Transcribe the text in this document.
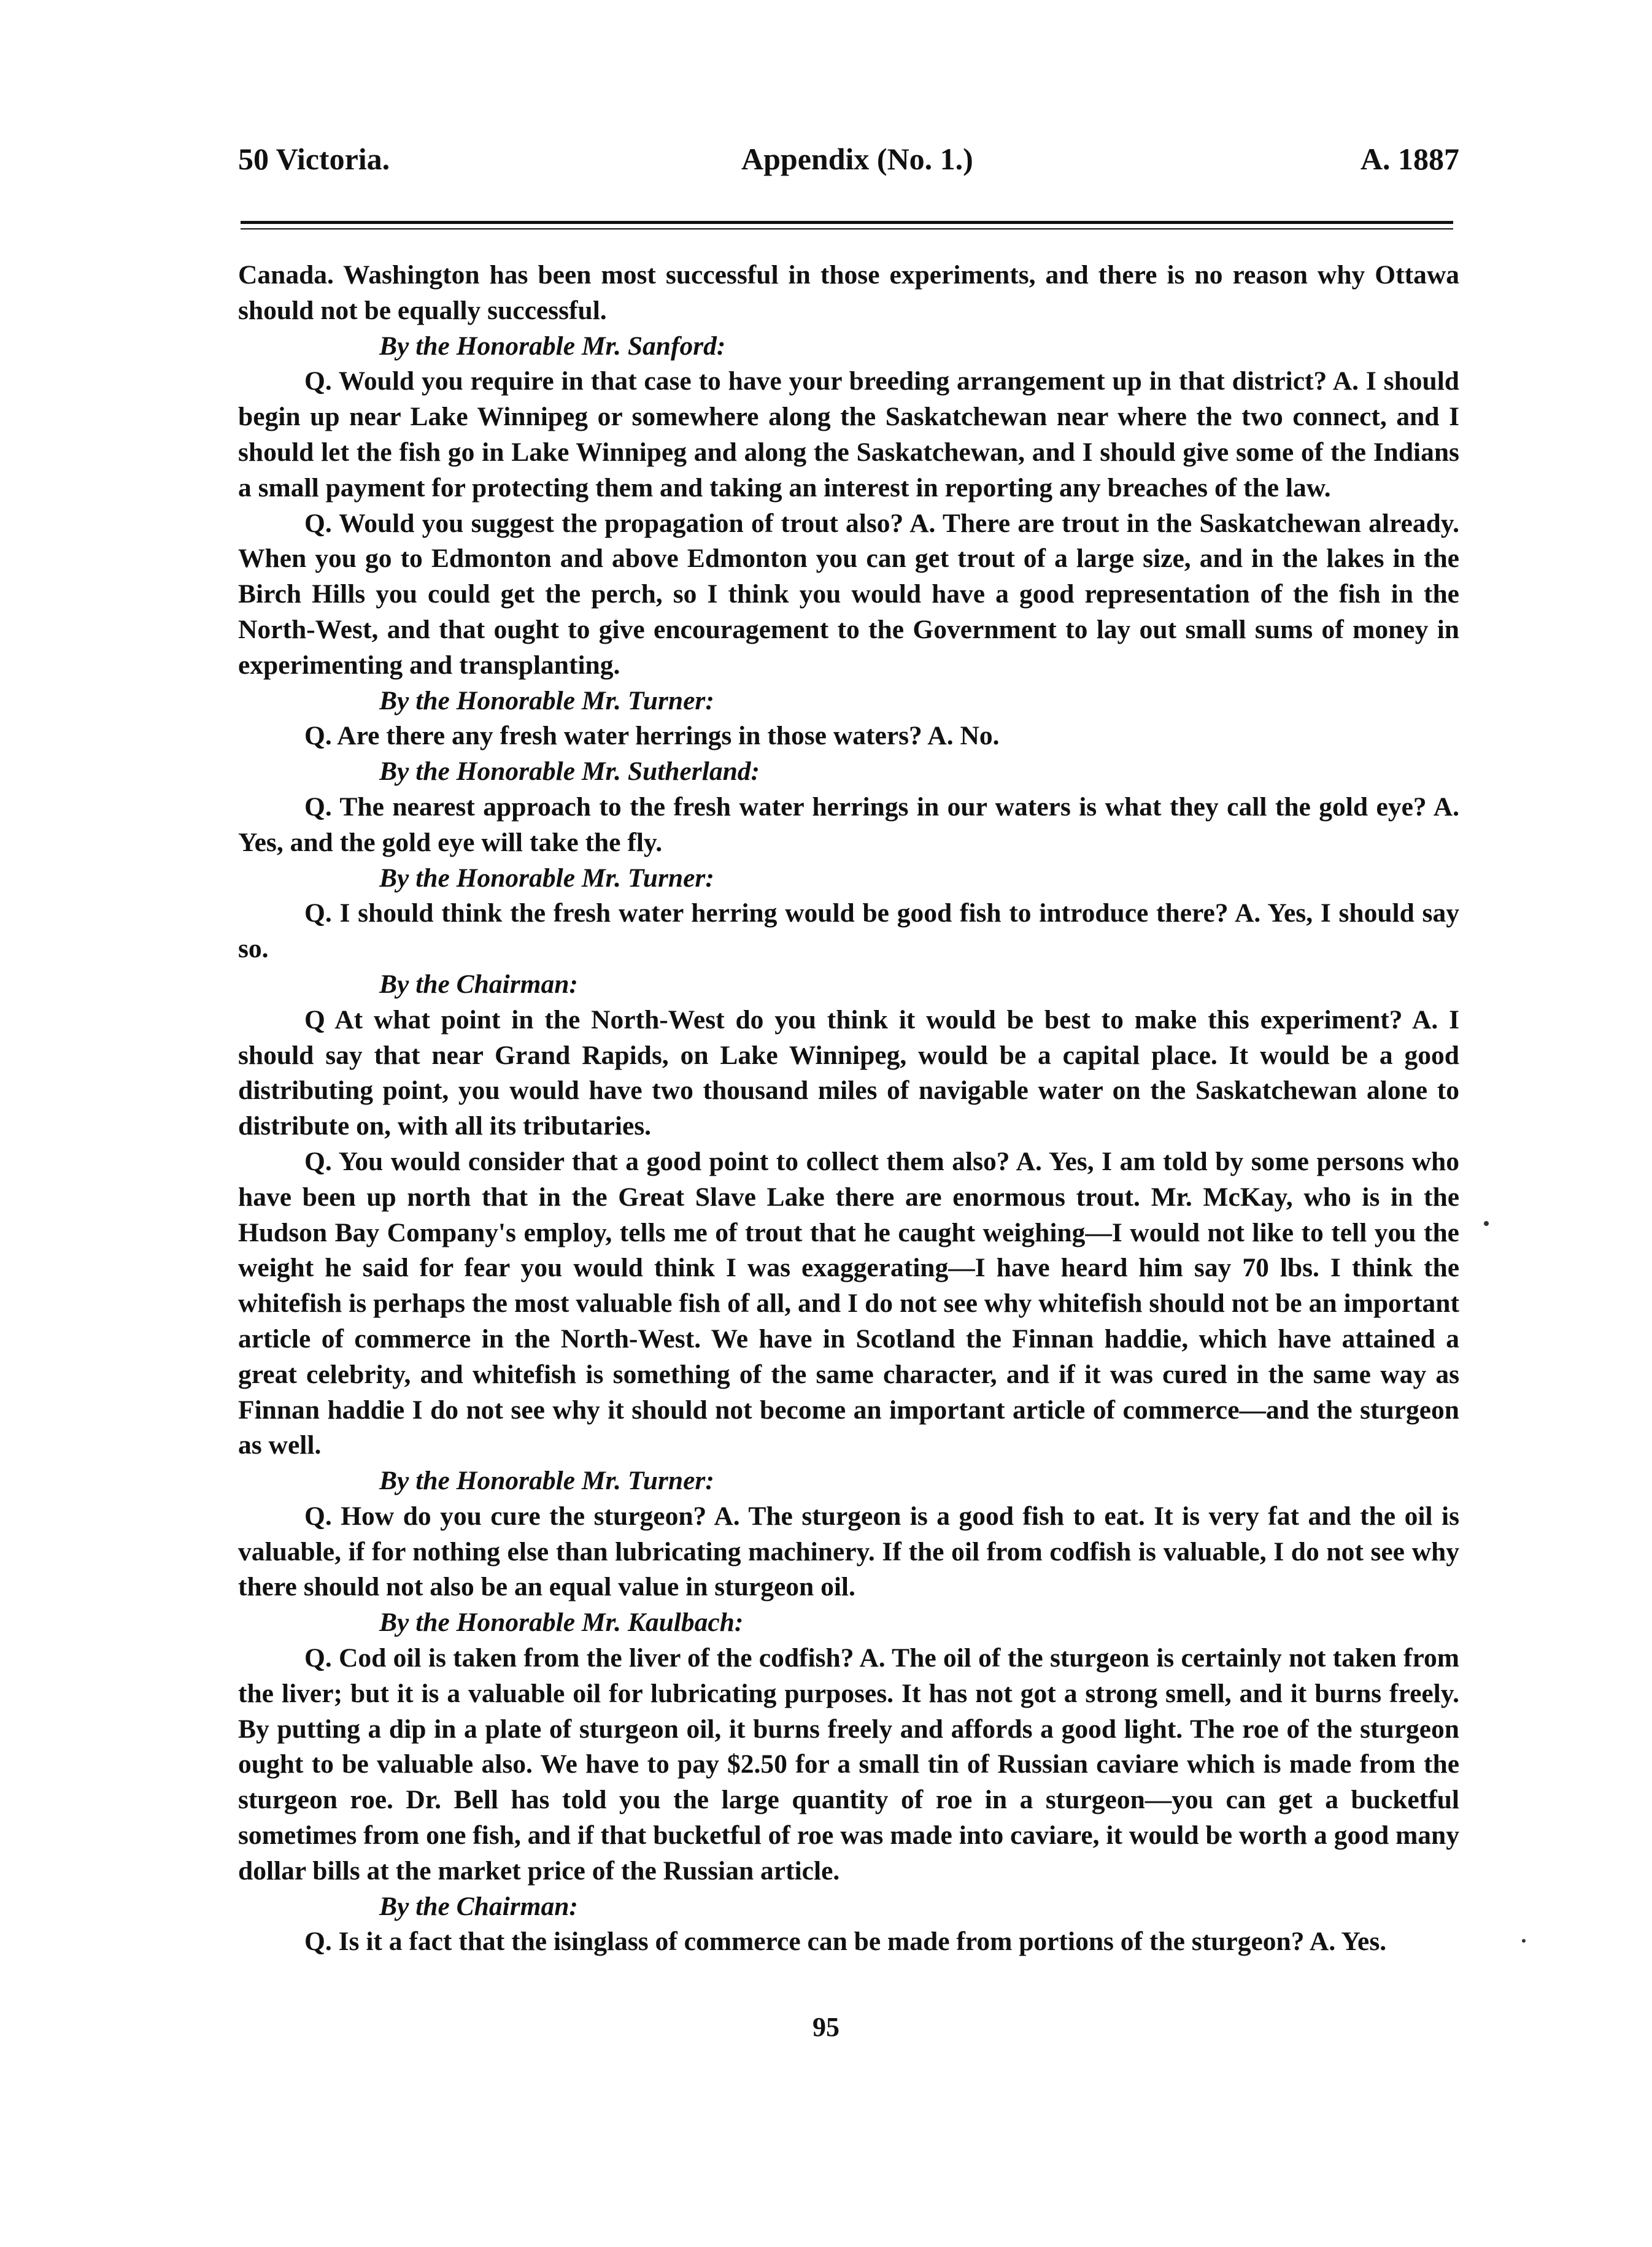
50 Victoria.	Appendix (No. 1.)	A. 1887

Canada. Washington has been most successful in those experiments, and there is no reason why Ottawa should not be equally successful.

By the Honorable Mr. Sanford:

Q. Would you require in that case to have your breeding arrangement up in that district? A. I should begin up near Lake Winnipeg or somewhere along the Saskatchewan near where the two connect, and I should let the fish go in Lake Winnipeg and along the Saskatchewan, and I should give some of the Indians a small payment for protecting them and taking an interest in reporting any breaches of the law.

Q. Would you suggest the propagation of trout also? A. There are trout in the Saskatchewan already. When you go to Edmonton and above Edmonton you can get trout of a large size, and in the lakes in the Birch Hills you could get the perch, so I think you would have a good representation of the fish in the North-West, and that ought to give encouragement to the Government to lay out small sums of money in experimenting and transplanting.

By the Honorable Mr. Turner:

Q. Are there any fresh water herrings in those waters? A. No.

By the Honorable Mr. Sutherland:

Q. The nearest approach to the fresh water herrings in our waters is what they call the gold eye? A. Yes, and the gold eye will take the fly.

By the Honorable Mr. Turner:

Q. I should think the fresh water herring would be good fish to introduce there? A. Yes, I should say so.

By the Chairman:

Q At what point in the North-West do you think it would be best to make this experiment? A. I should say that near Grand Rapids, on Lake Winnipeg, would be a capital place. It would be a good distributing point, you would have two thousand miles of navigable water on the Saskatchewan alone to distribute on, with all its tributaries.

Q. You would consider that a good point to collect them also? A. Yes, I am told by some persons who have been up north that in the Great Slave Lake there are enormous trout. Mr. McKay, who is in the Hudson Bay Company's employ, tells me of trout that he caught weighing—I would not like to tell you the weight he said for fear you would think I was exaggerating—I have heard him say 70 lbs. I think the whitefish is perhaps the most valuable fish of all, and I do not see why whitefish should not be an important article of commerce in the North-West. We have in Scotland the Finnan haddie, which have attained a great celebrity, and whitefish is something of the same character, and if it was cured in the same way as Finnan haddie I do not see why it should not become an important article of commerce—and the sturgeon as well.

By the Honorable Mr. Turner:

Q. How do you cure the sturgeon? A. The sturgeon is a good fish to eat. It is very fat and the oil is valuable, if for nothing else than lubricating machinery. If the oil from codfish is valuable, I do not see why there should not also be an equal value in sturgeon oil.

By the Honorable Mr. Kaulbach:

Q. Cod oil is taken from the liver of the codfish? A. The oil of the sturgeon is certainly not taken from the liver; but it is a valuable oil for lubricating purposes. It has not got a strong smell, and it burns freely. By putting a dip in a plate of sturgeon oil, it burns freely and affords a good light. The roe of the sturgeon ought to be valuable also. We have to pay $2.50 for a small tin of Russian caviare which is made from the sturgeon roe. Dr. Bell has told you the large quantity of roe in a sturgeon—you can get a bucketful sometimes from one fish, and if that bucketful of roe was made into caviare, it would be worth a good many dollar bills at the market price of the Russian article.

By the Chairman:

Q. Is it a fact that the isinglass of commerce can be made from portions of the sturgeon? A. Yes.

95
